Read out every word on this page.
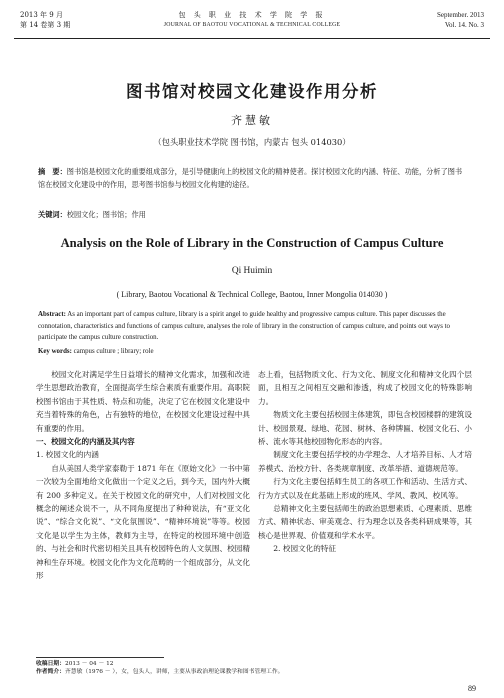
2013 年 9 月
第 14 卷第 3 期
包 头 职 业 技 术 学 院 学 报
JOURNAL OF BAOTOU VOCATIONAL & TECHNICAL COLLEGE
September. 2013
Vol. 14. No. 3
图书馆对校园文化建设作用分析
齐慧敏
（包头职业技术学院 图书馆，内蒙古 包头 014030）
摘　要：图书馆是校园文化的重要组成部分，是引导健康向上的校园文化的精神使者。探讨校园文化的内涵、特征、功能，分析了图书馆在校园文化建设中的作用，思考图书馆参与校园文化构建的途径。
关键词：校园文化；图书馆；作用
Analysis on the Role of Library in the Construction of Campus Culture
Qi Huimin
( Library, Baotou Vocational & Technical College, Baotou, Inner Mongolia 014030 )
Abstract: As an important part of campus culture, library is a spirit angel to guide healthy and progressive campus culture. This paper discusses the connotation, characteristics and functions of campus culture, analyses the role of library in the construction of campus culture, and points out ways to participate the campus culture construction.
Key words: campus culture ; library; role

校园文化对满足学生日益增长的精神文化需求，加强和改进学生思想政治教育，全面提高学生综合素质有重要作用。高职院校图书馆由于其性质、特点和功能，决定了它在校园文化建设中充当着特殊的角色，占有独特的地位，在校园文化建设过程中具有重要的作用。

一、校园文化的内涵及其内容
1. 校园文化的内涵

自从美国人类学家泰勒于 1871 年在《原始文化》一书中第一次较为全面地给文化做出一个定义之后，到今天，国内外大概有 200 多种定义。在关于校园文化的研究中，人们对校园文化概念的阐述众说不一，从不同角度提出了种种说法，有“亚文化说”、“综合文化说”、“文化氛围说”、“精神环境说”等等。校园文化是以学生为主体，教师为主导，在特定的校园环境中创造的、与社会和时代密切相关且具有校园特色的人文氛围、校园精神和生存环境。校园文化作为文化范畴的一个组成部分，从文化形

态上看，包括物质文化、行为文化、制度文化和精神文化四个层面，且相互之间相互交融和渗透，构成了校园文化的特殊影响力。

物质文化主要包括校园主体建筑，即包含校园楼群的建筑设计、校园景观、绿地、花园、树林、各种牌匾、校园文化石、小桥、流水等其他校园物化形态的内容。

制度文化主要包括学校的办学理念、人才培养目标、人才培养模式、治校方针、各类规章制度、改革举措、道德规范等。

行为文化主要包括师生员工的各项工作和活动、生活方式、行为方式以及在此基础上形成的班风、学风、教风、校风等。

总精神文化主要包括师生的政治思想素质、心理素质、思维方式、精神状态、审美观念、行为理念以及各类科研成果等，其核心是世界观、价值观和学术水平。

2. 校园文化的特征
收稿日期：2013 － 04 － 12
作者简介：齐慧敏（1976 － ），女，包头人，讲师，主要从事政治理论课教学和图书管理工作。
89
